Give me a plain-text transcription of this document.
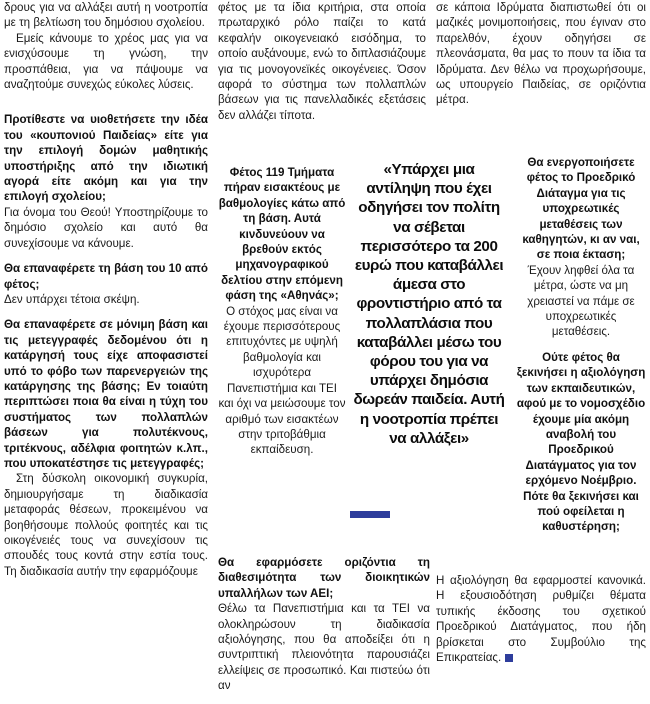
δρους για να αλλάξει αυτή η νοοτροπία με τη βελτίωση του δημόσιου σχολείου.

Εμείς κάνουμε το χρέος μας για να ενισχύσουμε τη γνώση, την προσπάθεια, για να πάψουμε να αναζητούμε συνεχώς εύκολες λύσεις.

Προτίθεστε να υιοθετήσετε την ιδέα του «κουπονιού Παιδείας» είτε για την επιλογή δομών μαθητικής υποστήριξης από την ιδιωτική αγορά είτε ακόμη και για την επιλογή σχολείου;

Για όνομα του Θεού! Υποστηρίζουμε το δημόσιο σχολείο και αυτό θα συνεχίσουμε να κάνουμε.

Θα επαναφέρετε τη βάση του 10 από φέτος;

Δεν υπάρχει τέτοια σκέψη.

Θα επαναφέρετε σε μόνιμη βάση και τις μετεγγραφές δεδομένου ότι η κατάργησή τους είχε αποφασιστεί υπό το φόβο των παρενεργειών της κατάργησης της βάσης; Εν τοιαύτη περιπτώσει ποια θα είναι η τύχη του συστήματος των πολλαπλών βάσεων για πολυτέκνους, τριτέκνους, αδέλφια φοιτητών κ.λπ., που υποκατέστησε τις μετεγγραφές;

Στη δύσκολη οικονομική συγκυρία, δημιουργήσαμε τη διαδικασία μεταφοράς θέσεων, προκειμένου να βοηθήσουμε πολλούς φοιτητές και τις οικογένειές τους να συνεχίσουν τις σπουδές τους κοντά στην εστία τους. Τη διαδικασία αυτήν την εφαρμόζουμε

φέτος με τα ίδια κριτήρια, στα οποία πρωταρχικό ρόλο παίζει το κατά κεφαλήν οικογενειακό εισόδημα, το οποίο αυξάνουμε, ενώ το διπλασιάζουμε για τις μονογονεϊκές οικογένειες. Όσον αφορά το σύστημα των πολλαπλών βάσεων για τις πανελλαδικές εξετάσεις δεν αλλάζει τίποτα.

Φέτος 119 Τμήματα πήραν εισακτέους με βαθμολογίες κάτω από τη βάση. Αυτά κινδυνεύουν να βρεθούν εκτός μηχανογραφικού δελτίου στην επόμενη φάση της «Αθηνάς»;

Ο στόχος μας είναι να έχουμε περισσότερους επιτυχόντες με υψηλή βαθμολογία και ισχυρότερα Πανεπιστήμια και ΤΕΙ και όχι να μειώσουμε τον αριθμό των εισακτέων στην τριτοβάθμια εκπαίδευση.

Θα εφαρμόσετε οριζόντια τη διαθεσιμότητα των διοικητικών υπαλλήλων των ΑΕΙ;

Θέλω τα Πανεπιστήμια και τα ΤΕΙ να ολοκληρώσουν τη διαδικασία αξιολόγησης, που θα αποδείξει ότι η συντριπτική πλειονότητα παρουσιάζει ελλείψεις σε προσωπικό. Και πιστεύω ότι αν

«Υπάρχει μια αντίληψη που έχει οδηγήσει τον πολίτη να σέβεται περισσότερο τα 200 ευρώ που καταβάλλει άμεσα στο φροντιστήριο από τα πολλαπλάσια που καταβάλλει μέσω του φόρου του για να υπάρχει δημόσια δωρεάν παιδεία. Αυτή η νοοτροπία πρέπει να αλλάξει»

σε κάποια Ιδρύματα διαπιστωθεί ότι οι μαζικές μονιμοποιήσεις, που έγιναν στο παρελθόν, έχουν οδηγήσει σε πλεονάσματα, θα μας το πουν τα ίδια τα Ιδρύματα. Δεν θέλω να προχωρήσουμε, ως υπουργείο Παιδείας, σε οριζόντια μέτρα.

Θα ενεργοποιήσετε φέτος το Προεδρικό Διάταγμα για τις υποχρεωτικές μεταθέσεις των καθηγητών, κι αν ναι, σε ποια έκταση;

Έχουν ληφθεί όλα τα μέτρα, ώστε να μη χρειαστεί να πάμε σε υποχρεωτικές μεταθέσεις.

Ούτε φέτος θα ξεκινήσει η αξιολόγηση των εκπαιδευτικών, αφού με το νομοσχέδιο έχουμε μία ακόμη αναβολή του Προεδρικού Διατάγματος για τον ερχόμενο Νοέμβριο. Πότε θα ξεκινήσει και πού οφείλεται η καθυστέρηση;

Η αξιολόγηση θα εφαρμοστεί κανονικά. Η εξουσιοδότηση ρυθμίζει θέματα τυπικής έκδοσης του σχετικού Προεδρικού Διατάγματος, που ήδη βρίσκεται στο Συμβούλιο της Επικρατείας.
